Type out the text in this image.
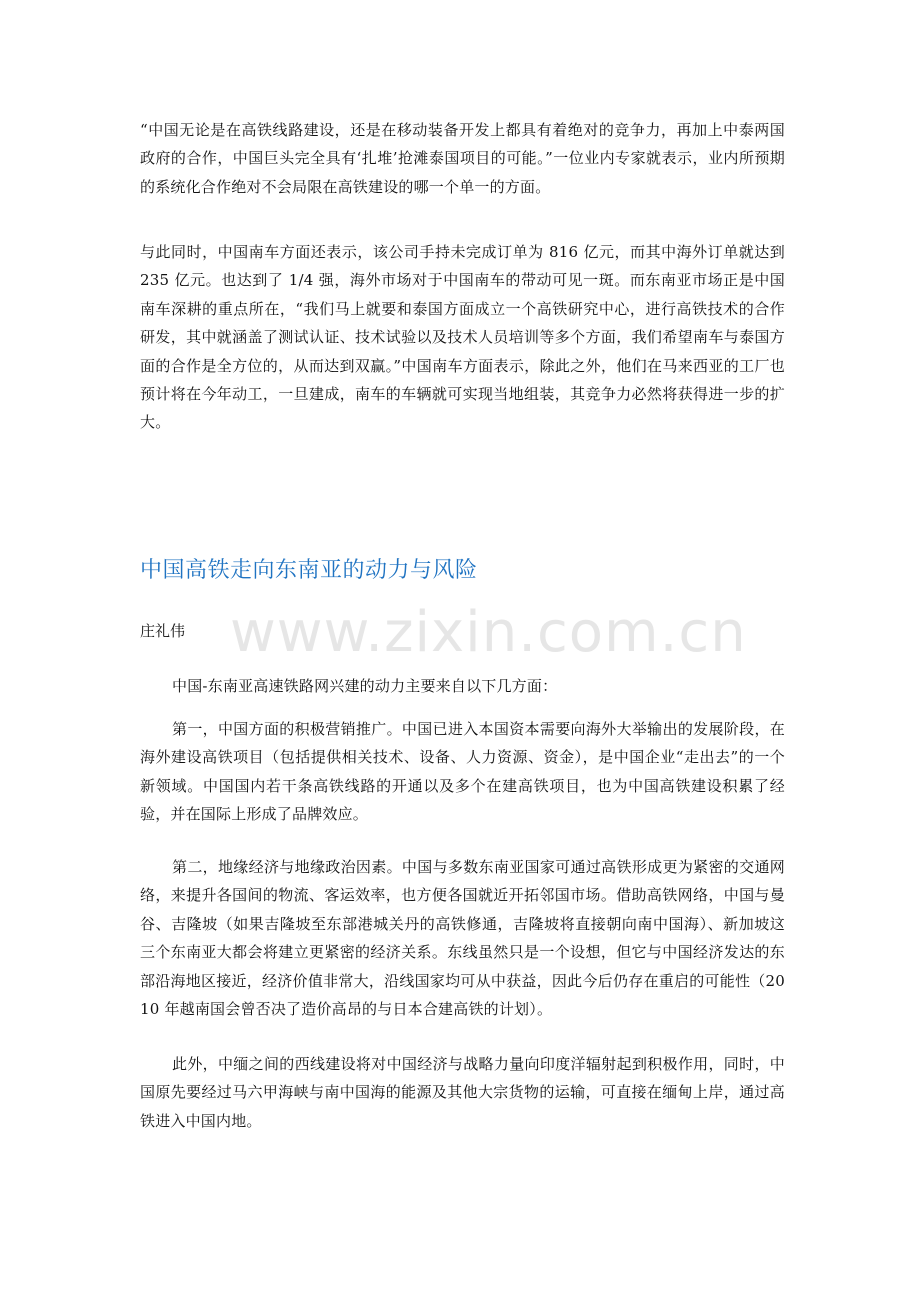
www.zixin.com.cn

“中国无论是在高铁线路建设，还是在移动装备开发上都具有着绝对的竞争力，再加上中泰两国政府的合作，中国巨头完全具有‘扎堆’抢滩泰国项目的可能。”一位业内专家就表示，业内所预期的系统化合作绝对不会局限在高铁建设的哪一个单一的方面。

与此同时，中国南车方面还表示，该公司手持未完成订单为 816 亿元，而其中海外订单就达到 235 亿元。也达到了 1/4 强，海外市场对于中国南车的带动可见一斑。而东南亚市场正是中国南车深耕的重点所在，“我们马上就要和泰国方面成立一个高铁研究中心，进行高铁技术的合作研发，其中就涵盖了测试认证、技术试验以及技术人员培训等多个方面，我们希望南车与泰国方面的合作是全方位的，从而达到双赢。”中国南车方面表示，除此之外，他们在马来西亚的工厂也预计将在今年动工，一旦建成，南车的车辆就可实现当地组装，其竞争力必然将获得进一步的扩大。

中国高铁走向东南亚的动力与风险

庄礼伟

中国-东南亚高速铁路网兴建的动力主要来自以下几方面：

第一，中国方面的积极营销推广。中国已进入本国资本需要向海外大举输出的发展阶段，在海外建设高铁项目（包括提供相关技术、设备、人力资源、资金），是中国企业“走出去”的一个新领域。中国国内若干条高铁线路的开通以及多个在建高铁项目，也为中国高铁建设积累了经验，并在国际上形成了品牌效应。

第二，地缘经济与地缘政治因素。中国与多数东南亚国家可通过高铁形成更为紧密的交通网络，来提升各国间的物流、客运效率，也方便各国就近开拓邻国市场。借助高铁网络，中国与曼谷、吉隆坡（如果吉隆坡至东部港城关丹的高铁修通，吉隆坡将直接朝向南中国海）、新加坡这三个东南亚大都会将建立更紧密的经济关系。东线虽然只是一个设想，但它与中国经济发达的东部沿海地区接近，经济价值非常大，沿线国家均可从中获益，因此今后仍存在重启的可能性（2010 年越南国会曾否决了造价高昂的与日本合建高铁的计划）。

此外，中缅之间的西线建设将对中国经济与战略力量向印度洋辐射起到积极作用，同时，中国原先要经过马六甲海峡与南中国海的能源及其他大宗货物的运输，可直接在缅甸上岸，通过高铁进入中国内地。
